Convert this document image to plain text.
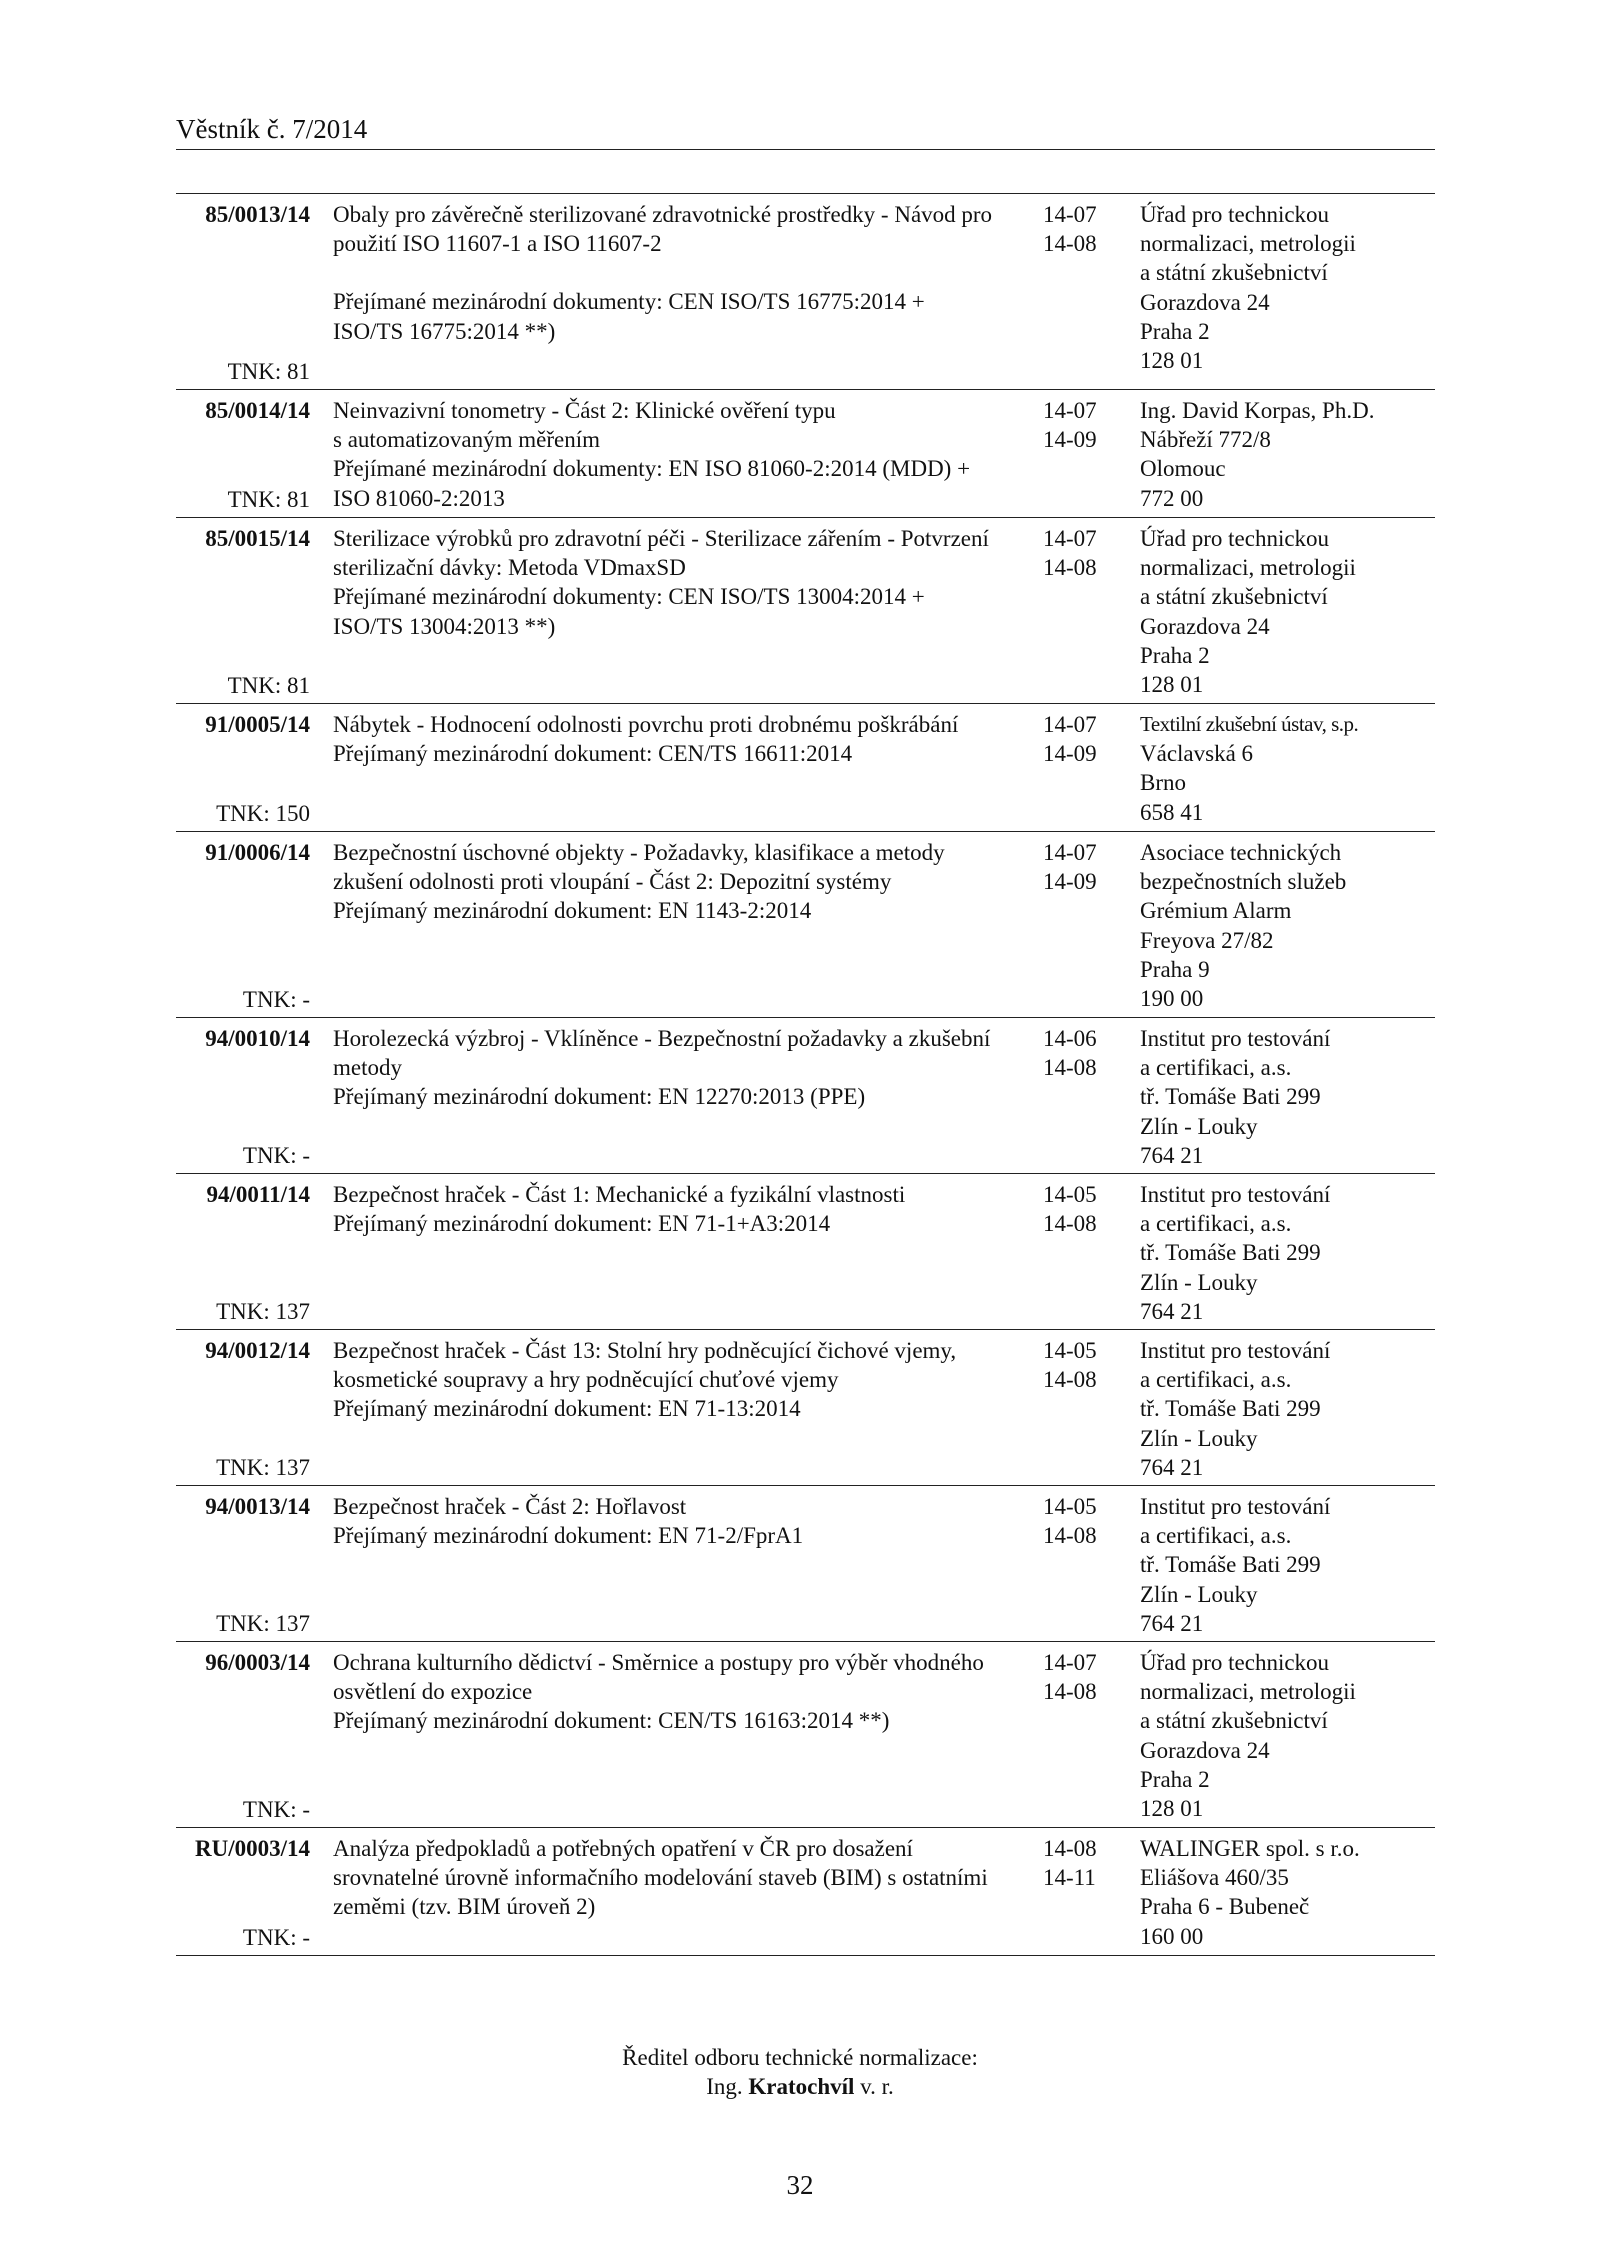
Věstník č. 7/2014
85/0013/14
TNK: 81
Obaly pro závěrečně sterilizované zdravotnické prostředky - Návod pro
použití ISO 11607-1 a ISO 11607-2
Přejímané mezinárodní dokumenty: CEN ISO/TS 16775:2014 +
ISO/TS 16775:2014 **)
14-07
14-08
Úřad pro technickou
normalizaci, metrologii
a státní zkušebnictví
Gorazdova 24
Praha 2
128 01
85/0014/14
TNK: 81
Neinvazivní tonometry - Část 2: Klinické ověření typu
s automatizovaným měřením
Přejímané mezinárodní dokumenty: EN ISO 81060-2:2014 (MDD) +
ISO 81060-2:2013
14-07
14-09
Ing. David Korpas, Ph.D.
Nábřeží 772/8
Olomouc
772 00
85/0015/14
TNK: 81
Sterilizace výrobků pro zdravotní péči - Sterilizace zářením - Potvrzení
sterilizační dávky: Metoda VDmaxSD
Přejímané mezinárodní dokumenty: CEN ISO/TS 13004:2014 +
ISO/TS 13004:2013 **)
14-07
14-08
Úřad pro technickou
normalizaci, metrologii
a státní zkušebnictví
Gorazdova 24
Praha 2
128 01
91/0005/14
TNK: 150
Nábytek - Hodnocení odolnosti povrchu proti drobnému poškrábání
Přejímaný mezinárodní dokument: CEN/TS 16611:2014
14-07
14-09
Textilní zkušební ústav, s.p.
Václavská 6
Brno
658 41
91/0006/14
TNK: -
Bezpečnostní úschovné objekty - Požadavky, klasifikace a metody
zkušení odolnosti proti vloupání - Část 2: Depozitní systémy
Přejímaný mezinárodní dokument: EN 1143-2:2014
14-07
14-09
Asociace technických
bezpečnostních služeb
Grémium Alarm
Freyova 27/82
Praha 9
190 00
94/0010/14
TNK: -
Horolezecká výzbroj - Vklíněnce - Bezpečnostní požadavky a zkušební
metody
Přejímaný mezinárodní dokument: EN 12270:2013 (PPE)
14-06
14-08
Institut pro testování
a certifikaci, a.s.
tř. Tomáše Bati 299
Zlín - Louky
764 21
94/0011/14
TNK: 137
Bezpečnost hraček - Část 1: Mechanické a fyzikální vlastnosti
Přejímaný mezinárodní dokument: EN 71-1+A3:2014
14-05
14-08
Institut pro testování
a certifikaci, a.s.
tř. Tomáše Bati 299
Zlín - Louky
764 21
94/0012/14
TNK: 137
Bezpečnost hraček - Část 13: Stolní hry podněcující čichové vjemy,
kosmetické soupravy a hry podněcující chuťové vjemy
Přejímaný mezinárodní dokument: EN 71-13:2014
14-05
14-08
Institut pro testování
a certifikaci, a.s.
tř. Tomáše Bati 299
Zlín - Louky
764 21
94/0013/14
TNK: 137
Bezpečnost hraček - Část 2: Hořlavost
Přejímaný mezinárodní dokument: EN 71-2/FprA1
14-05
14-08
Institut pro testování
a certifikaci, a.s.
tř. Tomáše Bati 299
Zlín - Louky
764 21
96/0003/14
TNK: -
Ochrana kulturního dědictví - Směrnice a postupy pro výběr vhodného
osvětlení do expozice
Přejímaný mezinárodní dokument: CEN/TS 16163:2014 **)
14-07
14-08
Úřad pro technickou
normalizaci, metrologii
a státní zkušebnictví
Gorazdova 24
Praha 2
128 01
RU/0003/14
TNK: -
Analýza předpokladů a potřebných opatření v ČR pro dosažení
srovnatelné úrovně informačního modelování staveb (BIM) s ostatními
zeměmi (tzv. BIM úroveň 2)
14-08
14-11
WALINGER spol. s r.o.
Eliášova 460/35
Praha 6 - Bubeneč
160 00
Ředitel odboru technické normalizace:
Ing. Kratochvíl v. r.
32
